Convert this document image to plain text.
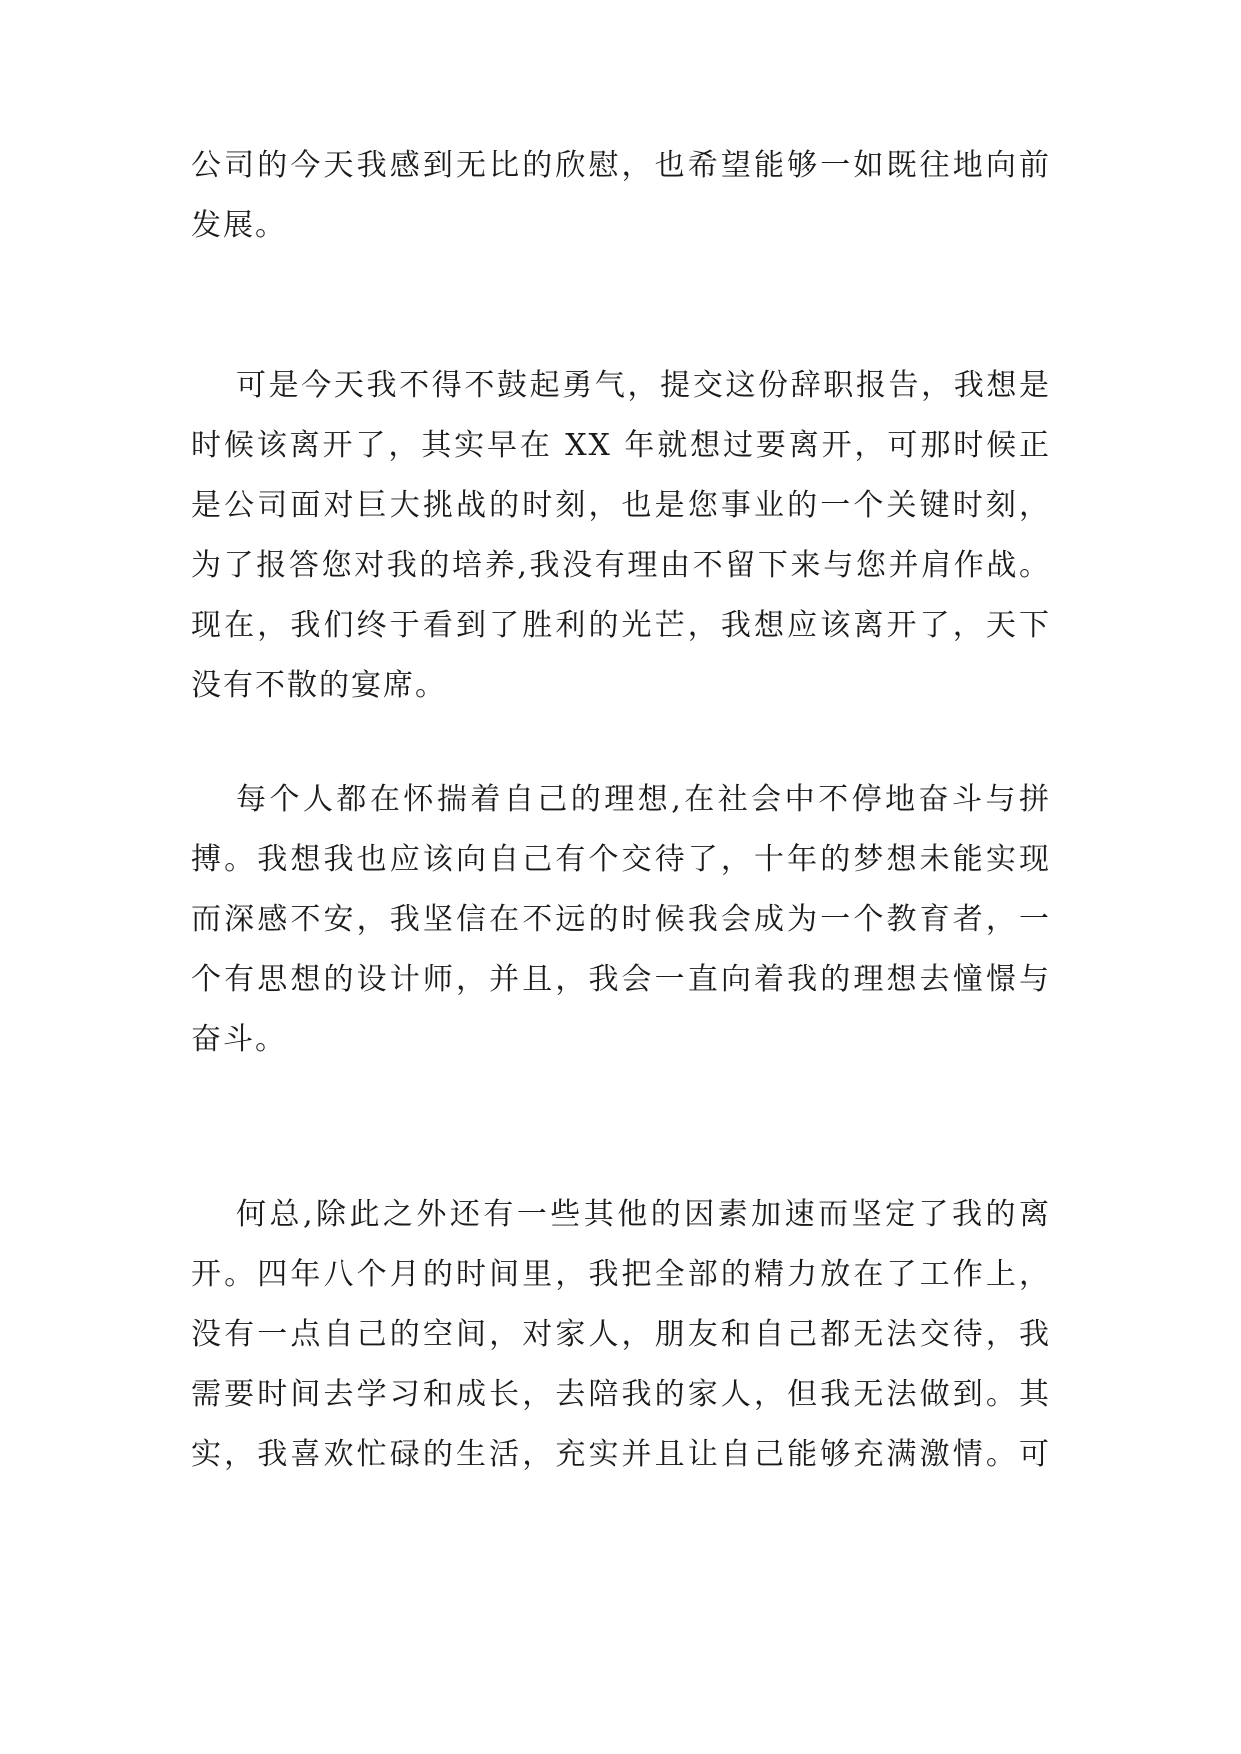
公司的今天我感到无比的欣慰，也希望能够一如既往地向前
发展。
可是今天我不得不鼓起勇气，提交这份辞职报告，我想是
时候该离开了，其实早在 XX 年就想过要离开，可那时候正
是公司面对巨大挑战的时刻，也是您事业的一个关键时刻，
为了报答您对我的培养,我没有理由不留下来与您并肩作战。
现在，我们终于看到了胜利的光芒，我想应该离开了，天下
没有不散的宴席。
每个人都在怀揣着自己的理想,在社会中不停地奋斗与拼
搏。我想我也应该向自己有个交待了，十年的梦想未能实现
而深感不安，我坚信在不远的时候我会成为一个教育者，一
个有思想的设计师，并且，我会一直向着我的理想去憧憬与
奋斗。
何总,除此之外还有一些其他的因素加速而坚定了我的离
开。四年八个月的时间里，我把全部的精力放在了工作上，
没有一点自己的空间，对家人，朋友和自己都无法交待，我
需要时间去学习和成长，去陪我的家人，但我无法做到。其
实，我喜欢忙碌的生活，充实并且让自己能够充满激情。可
